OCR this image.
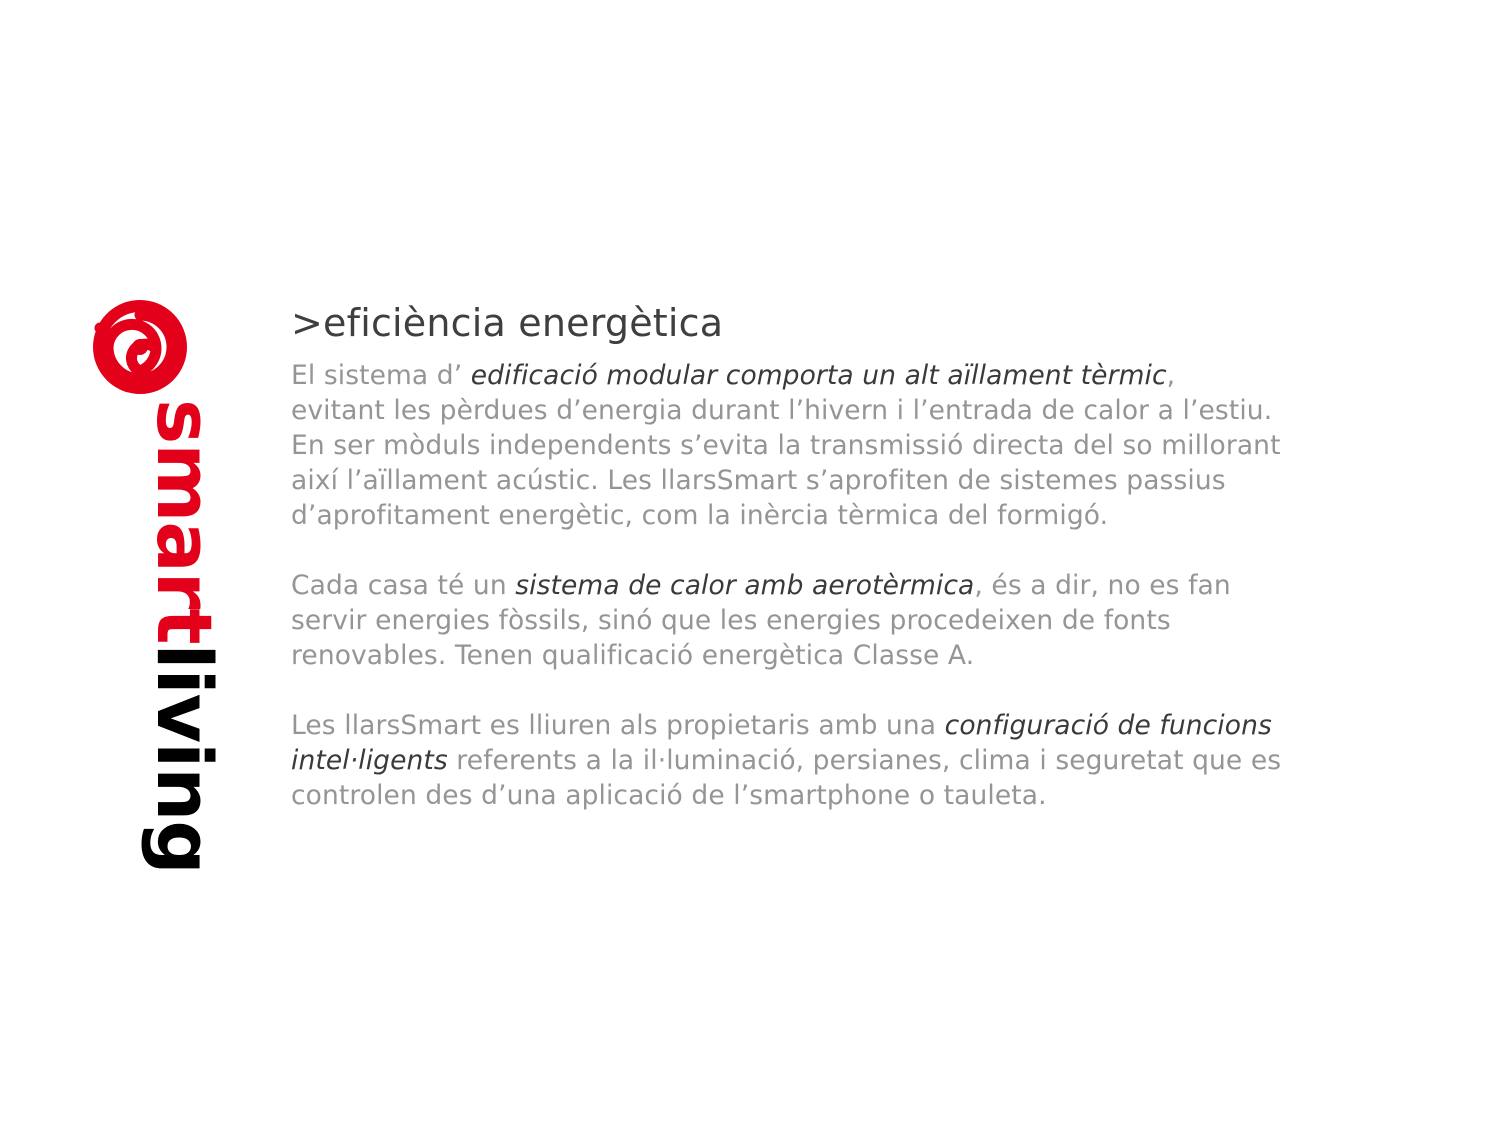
smartliving
>eficiència energètica

El sistema d’ edificació modular comporta un alt aïllament tèrmic,
evitant les pèrdues d’energia durant l’hivern i l’entrada de calor a l’estiu.
En ser mòduls independents s’evita la transmissió directa del so millorant
així l’aïllament acústic. Les llarsSmart s’aprofiten de sistemes passius
d’aprofitament energètic, com la inèrcia tèrmica del formigó.

Cada casa té un sistema de calor amb aerotèrmica, és a dir, no es fan
servir energies fòssils, sinó que les energies procedeixen de fonts
renovables. Tenen qualificació energètica Classe A.

Les llarsSmart es lliuren als propietaris amb una configuració de funcions
intel·ligents referents a la il·luminació, persianes, clima i seguretat que es
controlen des d’una aplicació de l’smartphone o tauleta.
